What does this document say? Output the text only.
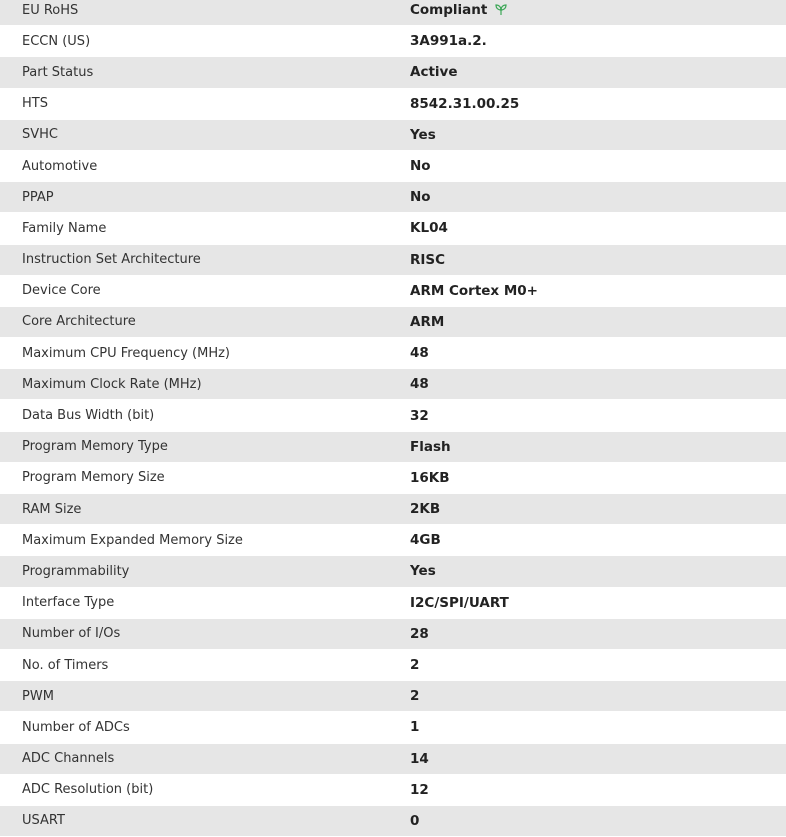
EU RoHS	Compliant
ECCN (US)	3A991a.2.
Part Status	Active
HTS	8542.31.00.25
SVHC	Yes
Automotive	No
PPAP	No
Family Name	KL04
Instruction Set Architecture	RISC
Device Core	ARM Cortex M0+
Core Architecture	ARM
Maximum CPU Frequency (MHz)	48
Maximum Clock Rate (MHz)	48
Data Bus Width (bit)	32
Program Memory Type	Flash
Program Memory Size	16KB
RAM Size	2KB
Maximum Expanded Memory Size	4GB
Programmability	Yes
Interface Type	I2C/SPI/UART
Number of I/Os	28
No. of Timers	2
PWM	2
Number of ADCs	1
ADC Channels	14
ADC Resolution (bit)	12
USART	0
